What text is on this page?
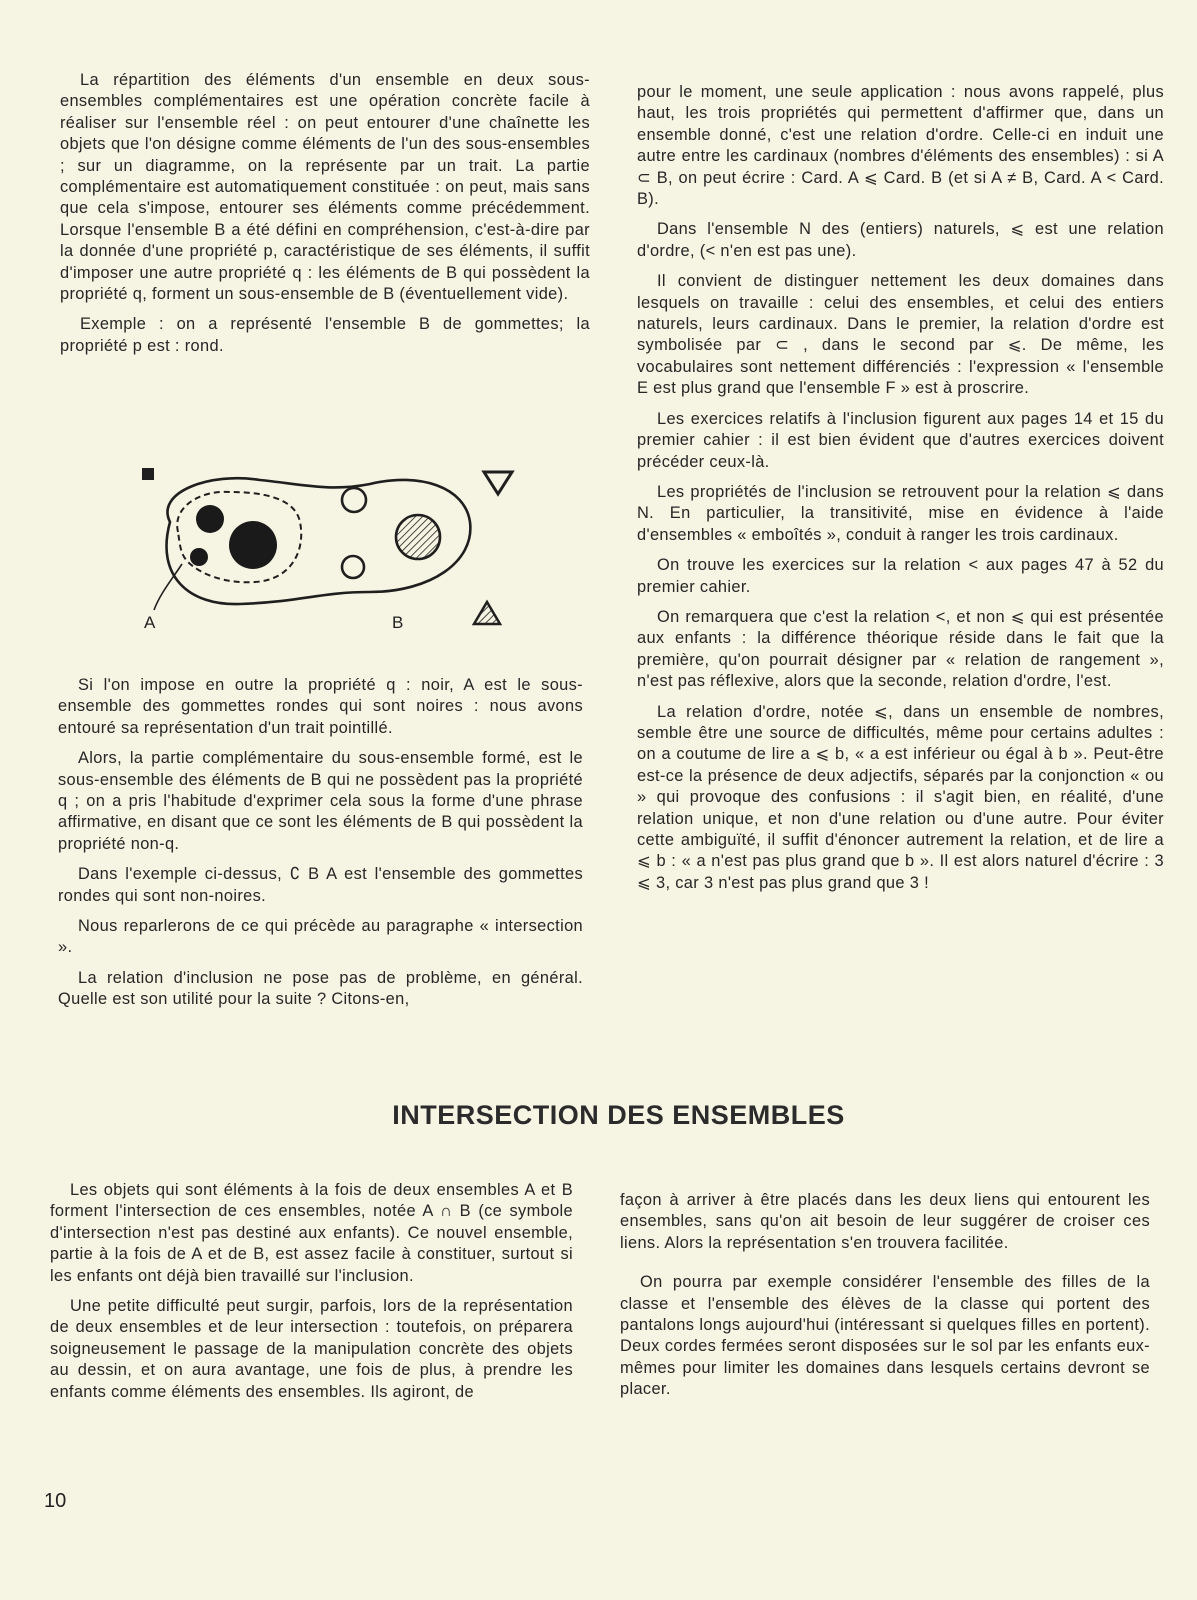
La répartition des éléments d'un ensemble en deux sous-ensembles complémentaires est une opération concrète facile à réaliser sur l'ensemble réel : on peut entourer d'une chaînette les objets que l'on désigne comme éléments de l'un des sous-ensembles ; sur un diagramme, on la représente par un trait. La partie complémentaire est automatiquement constituée : on peut, mais sans que cela s'impose, entourer ses éléments comme précédemment. Lorsque l'ensemble B a été défini en compréhension, c'est-à-dire par la donnée d'une propriété p, caractéristique de ses éléments, il suffit d'imposer une autre propriété q : les éléments de B qui possèdent la propriété q, forment un sous-ensemble de B (éventuellement vide).

Exemple : on a représenté l'ensemble B de gommettes; la propriété p est : rond.

A	B

Si l'on impose en outre la propriété q : noir, A est le sous-ensemble des gommettes rondes qui sont noires : nous avons entouré sa représentation d'un trait pointillé.

Alors, la partie complémentaire du sous-ensemble formé, est le sous-ensemble des éléments de B qui ne possèdent pas la propriété q ; on a pris l'habitude d'exprimer cela sous la forme d'une phrase affirmative, en disant que ce sont les éléments de B qui possèdent la propriété non-q.

Dans l'exemple ci-dessus, ∁ B A est l'ensemble des gommettes rondes qui sont non-noires.

Nous reparlerons de ce qui précède au paragraphe « intersection ».

La relation d'inclusion ne pose pas de problème, en général. Quelle est son utilité pour la suite ? Citons-en,

pour le moment, une seule application : nous avons rappelé, plus haut, les trois propriétés qui permettent d'affirmer que, dans un ensemble donné, c'est une relation d'ordre. Celle-ci en induit une autre entre les cardinaux (nombres d'éléments des ensembles) : si A ⊂ B, on peut écrire : Card. A ⩽ Card. B (et si A ≠ B, Card. A < Card. B).

Dans l'ensemble N des (entiers) naturels, ⩽ est une relation d'ordre, (< n'en est pas une).

Il convient de distinguer nettement les deux domaines dans lesquels on travaille : celui des ensembles, et celui des entiers naturels, leurs cardinaux. Dans le premier, la relation d'ordre est symbolisée par ⊂ , dans le second par ⩽. De même, les vocabulaires sont nettement différenciés : l'expression « l'ensemble E est plus grand que l'ensemble F » est à proscrire.

Les exercices relatifs à l'inclusion figurent aux pages 14 et 15 du premier cahier : il est bien évident que d'autres exercices doivent précéder ceux-là.

Les propriétés de l'inclusion se retrouvent pour la relation ⩽ dans N. En particulier, la transitivité, mise en évidence à l'aide d'ensembles « emboîtés », conduit à ranger les trois cardinaux.

On trouve les exercices sur la relation < aux pages 47 à 52 du premier cahier.

On remarquera que c'est la relation <, et non ⩽ qui est présentée aux enfants : la différence théorique réside dans le fait que la première, qu'on pourrait désigner par « relation de rangement », n'est pas réflexive, alors que la seconde, relation d'ordre, l'est.

La relation d'ordre, notée ⩽, dans un ensemble de nombres, semble être une source de difficultés, même pour certains adultes : on a coutume de lire a ⩽ b, « a est inférieur ou égal à b ». Peut-être est-ce la présence de deux adjectifs, séparés par la conjonction « ou » qui provoque des confusions : il s'agit bien, en réalité, d'une relation unique, et non d'une relation ou d'une autre. Pour éviter cette ambiguïté, il suffit d'énoncer autrement la relation, et de lire a ⩽ b : « a n'est pas plus grand que b ». Il est alors naturel d'écrire : 3 ⩽ 3, car 3 n'est pas plus grand que 3 !

INTERSECTION DES ENSEMBLES

Les objets qui sont éléments à la fois de deux ensembles A et B forment l'intersection de ces ensembles, notée A ∩ B (ce symbole d'intersection n'est pas destiné aux enfants). Ce nouvel ensemble, partie à la fois de A et de B, est assez facile à constituer, surtout si les enfants ont déjà bien travaillé sur l'inclusion.

Une petite difficulté peut surgir, parfois, lors de la représentation de deux ensembles et de leur intersection : toutefois, on préparera soigneusement le passage de la manipulation concrète des objets au dessin, et on aura avantage, une fois de plus, à prendre les enfants comme éléments des ensembles. Ils agiront, de

façon à arriver à être placés dans les deux liens qui entourent les ensembles, sans qu'on ait besoin de leur suggérer de croiser ces liens. Alors la représentation s'en trouvera facilitée.

On pourra par exemple considérer l'ensemble des filles de la classe et l'ensemble des élèves de la classe qui portent des pantalons longs aujourd'hui (intéressant si quelques filles en portent). Deux cordes fermées seront disposées sur le sol par les enfants eux-mêmes pour limiter les domaines dans lesquels certains devront se placer.

10
